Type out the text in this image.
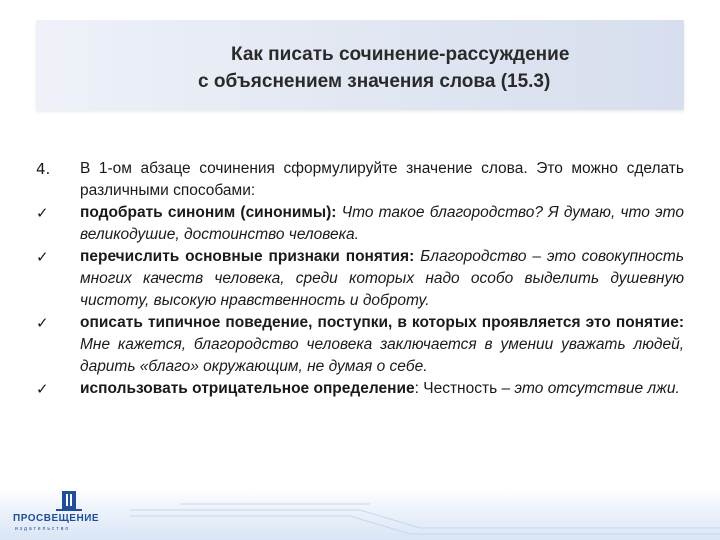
Как писать сочинение-рассуждение
с объяснением значения слова (15.3)
4.	В 1-ом абзаце сочинения сформулируйте значение слова. Это можно сделать различными способами:
✓	подобрать синоним (синонимы): Что такое благородство? Я думаю, что это великодушие, достоинство человека.
✓	перечислить основные признаки понятия: Благородство – это совокупность многих качеств человека, среди которых надо особо выделить душевную чистоту, высокую нравственность и доброту.
✓	описать типичное поведение, поступки, в которых проявляется это понятие: Мне кажется, благородство человека заключается в умении уважать людей, дарить «благо» окружающим, не думая о себе.
✓	использовать отрицательное определение: Честность – это отсутствие лжи.
ПРОСВЕЩЕНИЕ
издательство
